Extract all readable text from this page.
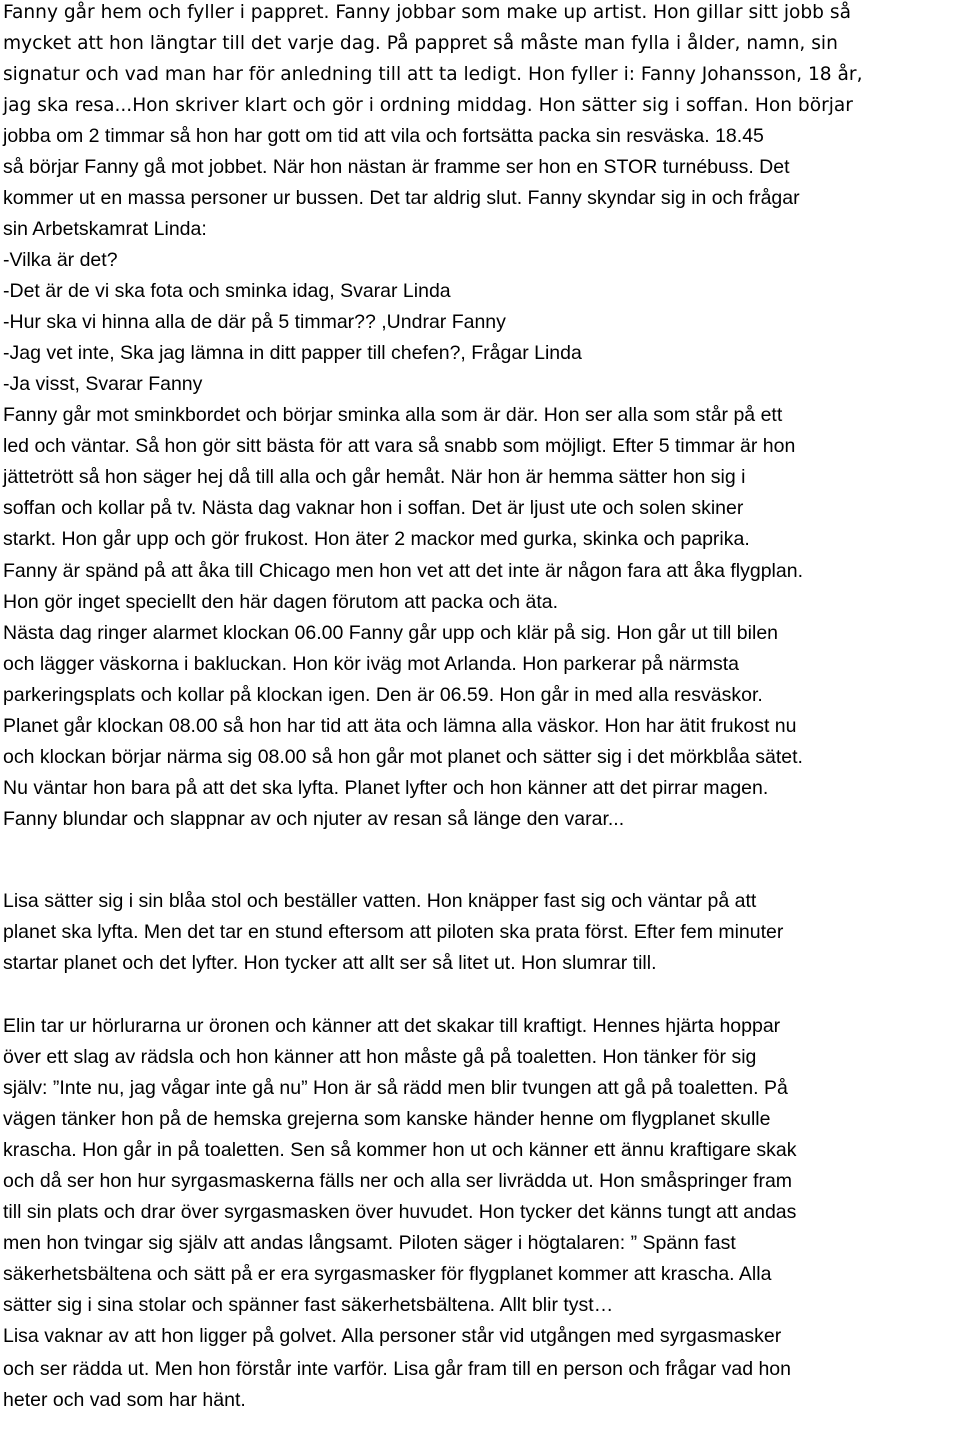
Fanny går hem och fyller i pappret. Fanny jobbar som make up artist. Hon gillar sitt jobb så
mycket att hon längtar till det varje dag. På pappret så måste man fylla i ålder, namn, sin
signatur och vad man har för anledning till att ta ledigt. Hon fyller i: Fanny Johansson, 18 år,
jag ska resa...Hon skriver klart och gör i ordning middag. Hon sätter sig i soffan. Hon börjar
jobba om 2 timmar så hon har gott om tid att vila och fortsätta packa sin resväska. 18.45
så börjar Fanny gå mot jobbet. När hon nästan är framme ser hon en STOR turnébuss. Det
kommer ut en massa personer ur bussen. Det tar aldrig slut. Fanny skyndar sig in och frågar
sin Arbetskamrat Linda:
-Vilka är det?
-Det är de vi ska fota och sminka idag, Svarar Linda
-Hur ska vi hinna alla de där på 5 timmar?? ,Undrar Fanny
-Jag vet inte, Ska jag lämna in ditt papper till chefen?, Frågar Linda
-Ja visst, Svarar Fanny
Fanny går mot sminkbordet och börjar sminka alla som är där. Hon ser alla som står på ett
led och väntar. Så hon gör sitt bästa för att vara så snabb som möjligt. Efter 5 timmar är hon
jättetrött så hon säger hej då till alla och går hemåt. När hon är hemma sätter hon sig i
soffan och kollar på tv. Nästa dag vaknar hon i soffan. Det är ljust ute och solen skiner
starkt. Hon går upp och gör frukost. Hon äter 2 mackor med gurka, skinka och paprika.
Fanny är spänd på att åka till Chicago men hon vet att det inte är någon fara att åka flygplan.
Hon gör inget speciellt den här dagen förutom att packa och äta.
Nästa dag ringer alarmet klockan 06.00 Fanny går upp och klär på sig. Hon går ut till bilen
och lägger väskorna i bakluckan. Hon kör iväg mot Arlanda. Hon parkerar på närmsta
parkeringsplats och kollar på klockan igen. Den är 06.59. Hon går in med alla resväskor.
Planet går klockan 08.00 så hon har tid att äta och lämna alla väskor. Hon har ätit frukost nu
och klockan börjar närma sig 08.00 så hon går mot planet och sätter sig i det mörkblåa sätet.
Nu väntar hon bara på att det ska lyfta. Planet lyfter och hon känner att det pirrar magen.
Fanny blundar och slappnar av och njuter av resan så länge den varar...
Lisa sätter sig i sin blåa stol och beställer vatten. Hon knäpper fast sig och väntar på att
planet ska lyfta. Men det tar en stund eftersom att piloten ska prata först. Efter fem minuter
startar planet och det lyfter. Hon tycker att allt ser så litet ut. Hon slumrar till.
Elin tar ur hörlurarna ur öronen och känner att det skakar till kraftigt. Hennes hjärta hoppar
över ett slag av rädsla och hon känner att hon måste gå på toaletten. Hon tänker för sig
själv: ”Inte nu, jag vågar inte gå nu” Hon är så rädd men blir tvungen att gå på toaletten. På
vägen tänker hon på de hemska grejerna som kanske händer henne om flygplanet skulle
krascha. Hon går in på toaletten. Sen så kommer hon ut och känner ett ännu kraftigare skak
och då ser hon hur syrgasmaskerna fälls ner och alla ser livrädda ut. Hon småspringer fram
till sin plats och drar över syrgasmasken över huvudet. Hon tycker det känns tungt att andas
men hon tvingar sig själv att andas långsamt. Piloten säger i högtalaren: ” Spänn fast
säkerhetsbältena och sätt på er era syrgasmasker för flygplanet kommer att krascha. Alla
sätter sig i sina stolar och spänner fast säkerhetsbältena. Allt blir tyst…
Lisa vaknar av att hon ligger på golvet. Alla personer står vid utgången med syrgasmasker
och ser rädda ut. Men hon förstår inte varför. Lisa går fram till en person och frågar vad hon
heter och vad som har hänt.
